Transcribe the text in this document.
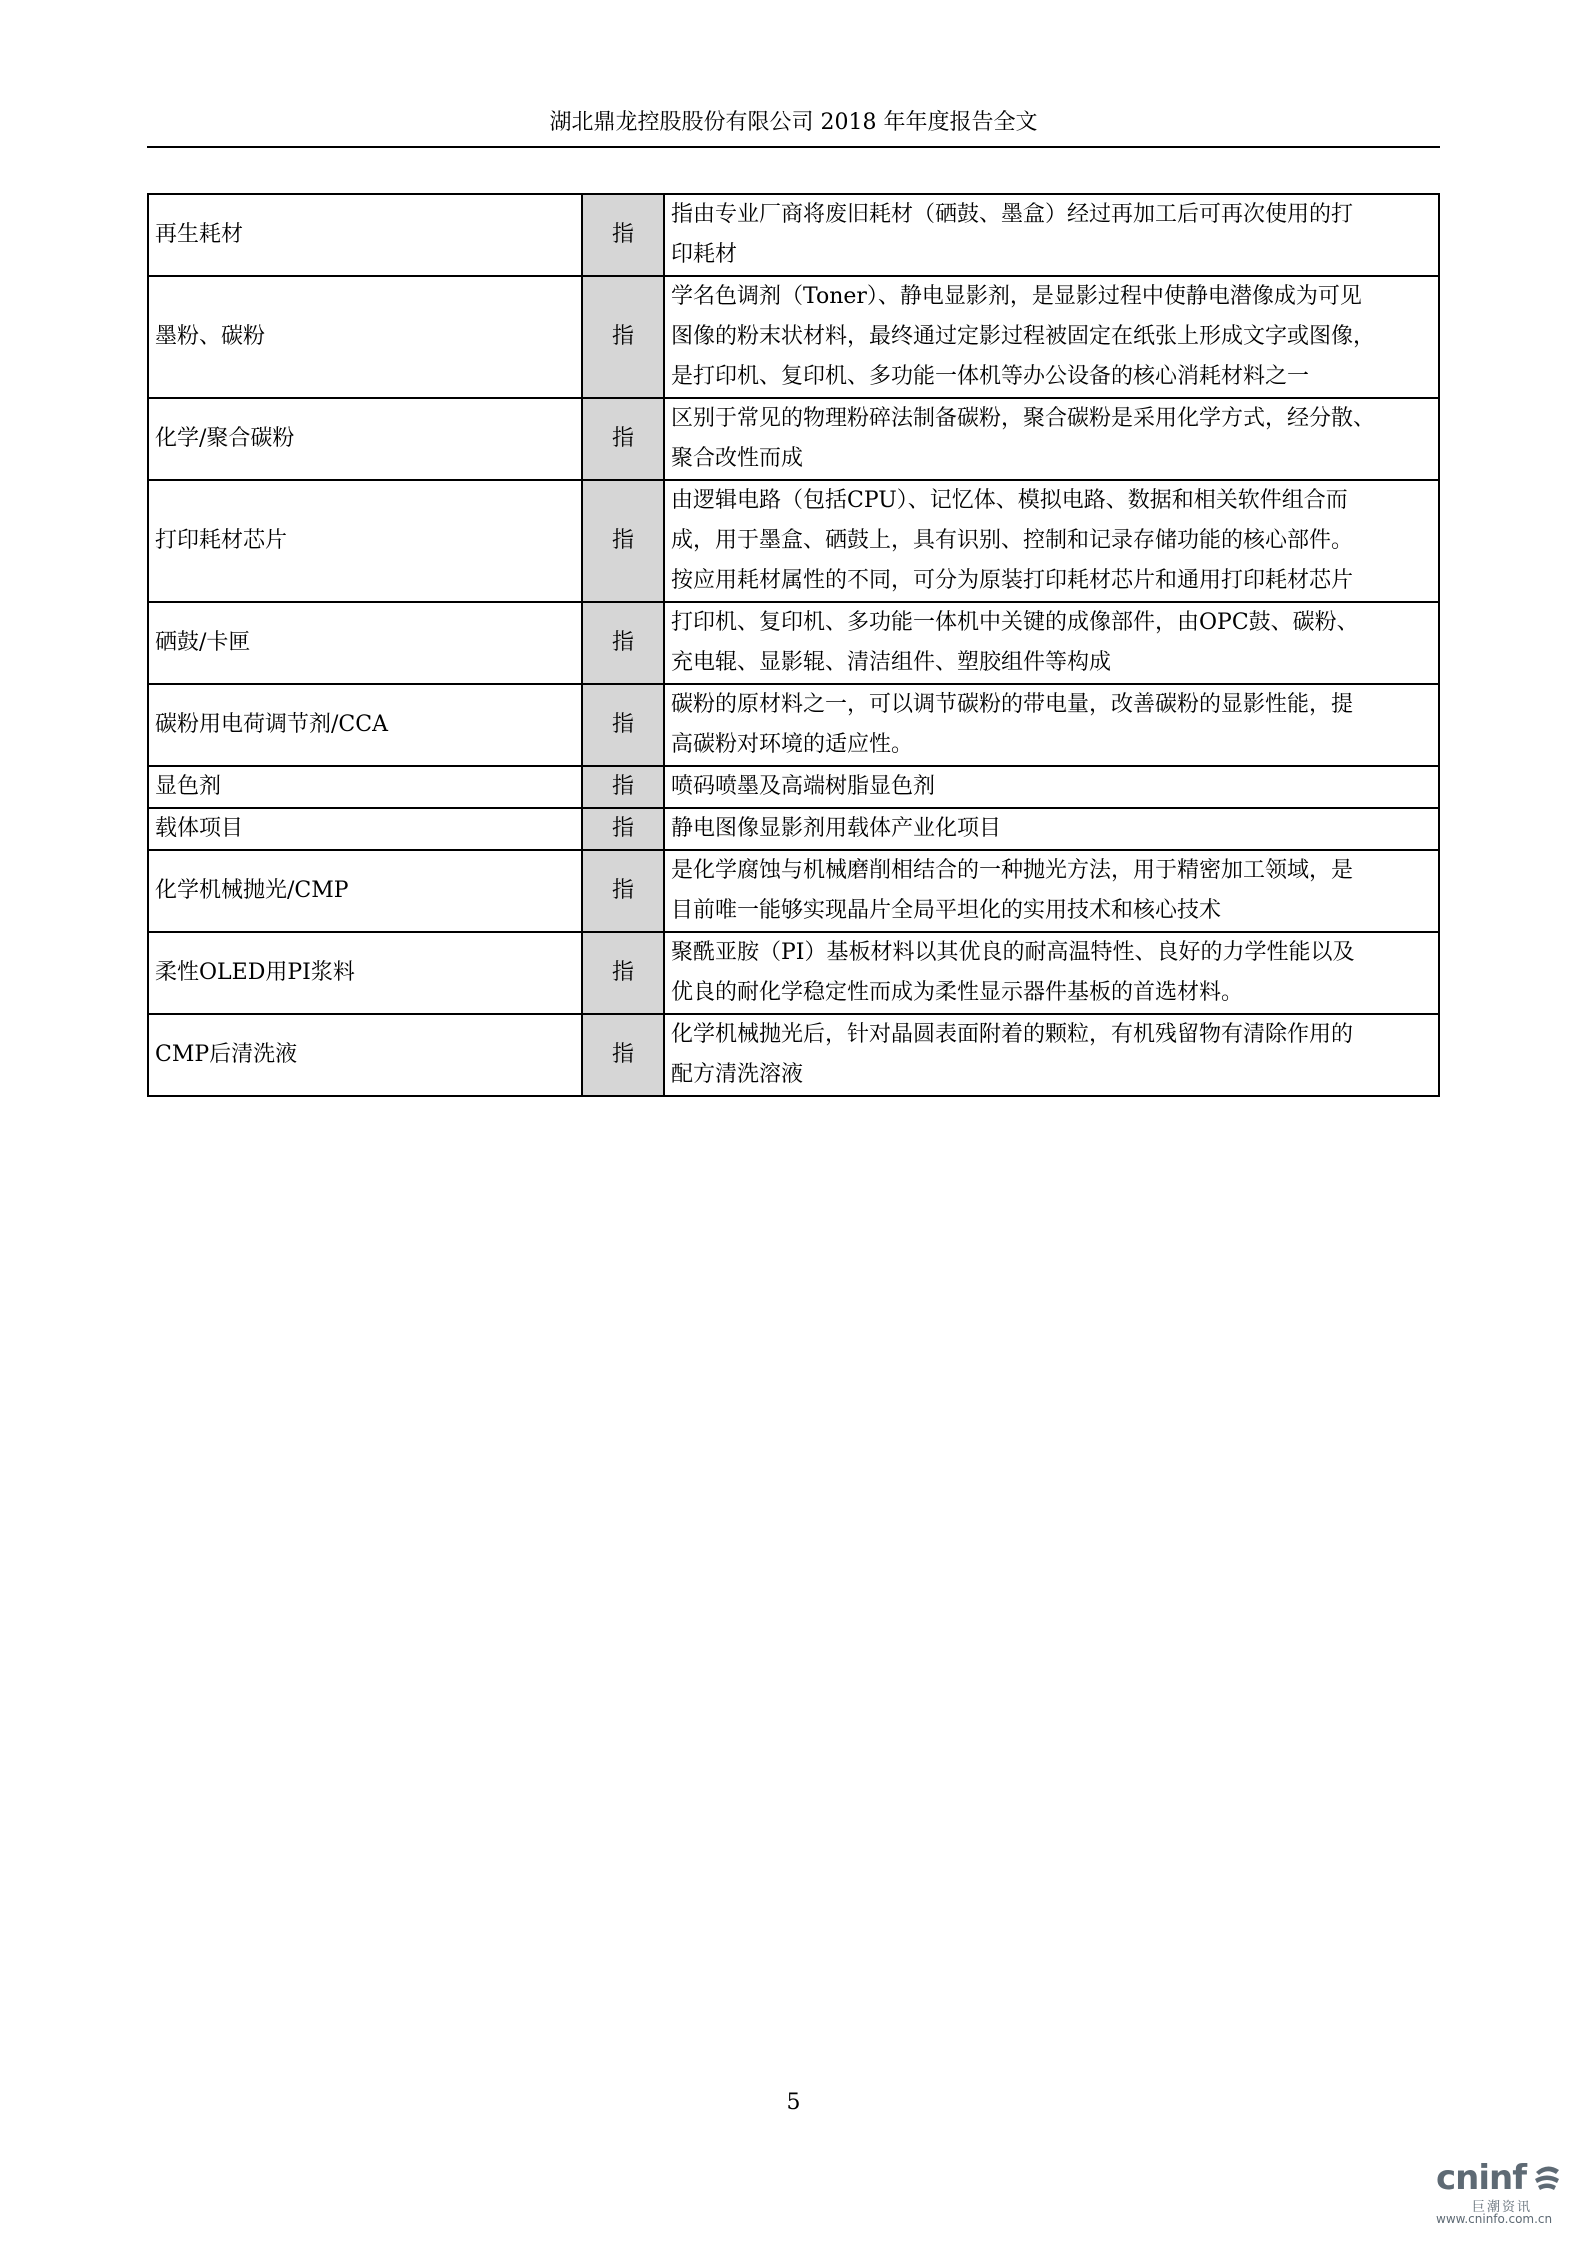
湖北鼎龙控股股份有限公司 2018 年年度报告全文
再生耗材	指	指由专业厂商将废旧耗材（硒鼓、墨盒）经过再加工后可再次使用的打
印耗材

墨粉、碳粉	指	学名色调剂（Toner）、静电显影剂，是显影过程中使静电潜像成为可见
图像的粉末状材料，最终通过定影过程被固定在纸张上形成文字或图像，
是打印机、复印机、多功能一体机等办公设备的核心消耗材料之一

化学/聚合碳粉	指	区别于常见的物理粉碎法制备碳粉，聚合碳粉是采用化学方式，经分散、
聚合改性而成

打印耗材芯片	指	由逻辑电路（包括CPU）、记忆体、模拟电路、数据和相关软件组合而
成，用于墨盒、硒鼓上，具有识别、控制和记录存储功能的核心部件。
按应用耗材属性的不同，可分为原装打印耗材芯片和通用打印耗材芯片

硒鼓/卡匣	指	打印机、复印机、多功能一体机中关键的成像部件，由OPC鼓、碳粉、
充电辊、显影辊、清洁组件、塑胶组件等构成

碳粉用电荷调节剂/CCA	指	碳粉的原材料之一，可以调节碳粉的带电量，改善碳粉的显影性能，提
高碳粉对环境的适应性。

显色剂	指	喷码喷墨及高端树脂显色剂

载体项目	指	静电图像显影剂用载体产业化项目

化学机械抛光/CMP	指	是化学腐蚀与机械磨削相结合的一种抛光方法，用于精密加工领域，是
目前唯一能够实现晶片全局平坦化的实用技术和核心技术

柔性OLED用PI浆料	指	聚酰亚胺（PI）基板材料以其优良的耐高温特性、良好的力学性能以及
优良的耐化学稳定性而成为柔性显示器件基板的首选材料。

CMP后清洗液	指	化学机械抛光后，针对晶圆表面附着的颗粒，有机残留物有清除作用的
配方清洗溶液
5
cninf
巨潮资讯
www.cninfo.com.cn
